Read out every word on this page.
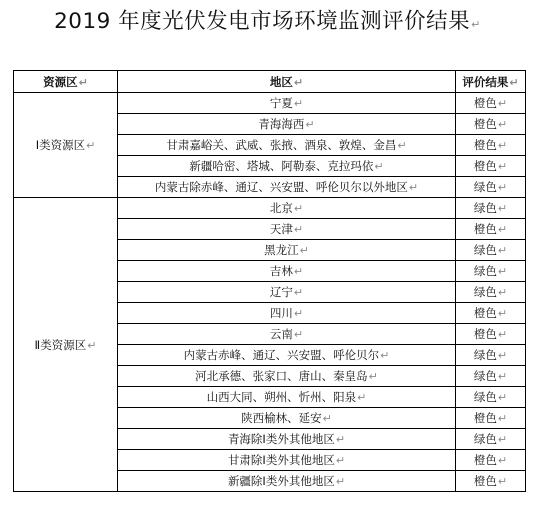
2019 年度光伏发电市场环境监测评价结果↵
资源区↵	地区↵	评价结果↵
Ⅰ类资源区↵	宁夏↵	橙色↵
	青海海西↵	橙色↵
	甘肃嘉峪关、武威、张掖、酒泉、敦煌、金昌↵	橙色↵
	新疆哈密、塔城、阿勒泰、克拉玛依↵	橙色↵
	内蒙古除赤峰、通辽、兴安盟、呼伦贝尔以外地区↵	绿色↵
Ⅱ类资源区↵	北京↵	绿色↵
	天津↵	橙色↵
	黑龙江↵	绿色↵
	吉林↵	绿色↵
	辽宁↵	绿色↵
	四川↵	橙色↵
	云南↵	橙色↵
	内蒙古赤峰、通辽、兴安盟、呼伦贝尔↵	绿色↵
	河北承德、张家口、唐山、秦皇岛↵	绿色↵
	山西大同、朔州、忻州、阳泉↵	绿色↵
	陕西榆林、延安↵	橙色↵
	青海除Ⅰ类外其他地区↵	绿色↵
	甘肃除Ⅰ类外其他地区↵	橙色↵
	新疆除Ⅰ类外其他地区↵	橙色↵
